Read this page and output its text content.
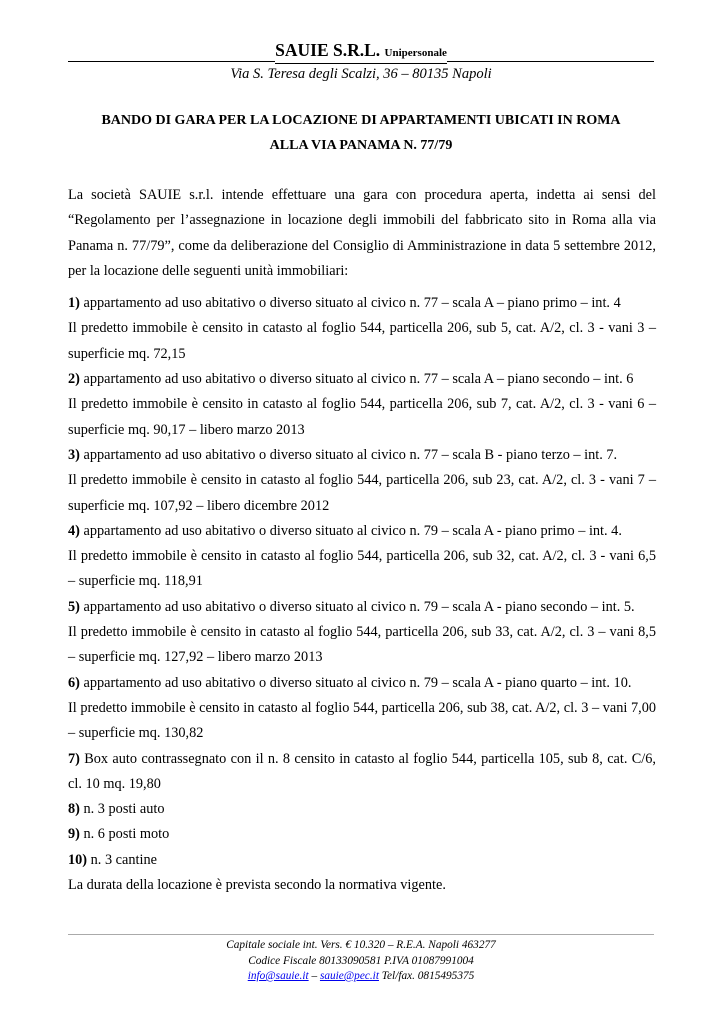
SAUIE S.R.L. Unipersonale
Via S. Teresa degli Scalzi, 36 – 80135 Napoli
BANDO DI GARA PER LA LOCAZIONE DI APPARTAMENTI UBICATI IN ROMA
ALLA VIA PANAMA N. 77/79

La società SAUIE s.r.l. intende effettuare una gara con procedura aperta, indetta ai sensi del “Regolamento per l’assegnazione in locazione degli immobili del fabbricato sito in Roma alla via Panama n. 77/79”, come da deliberazione del Consiglio di Amministrazione in data 5 settembre 2012, per la locazione delle seguenti unità immobiliari:

1) appartamento ad uso abitativo o diverso situato al civico n. 77 – scala A – piano primo – int. 4

Il predetto immobile è censito in catasto al foglio 544, particella 206, sub 5, cat. A/2, cl. 3 - vani 3 – superficie mq. 72,15

2) appartamento ad uso abitativo o diverso situato al civico n. 77 – scala A – piano secondo – int. 6

Il predetto immobile è censito in catasto al foglio 544, particella 206, sub 7, cat. A/2, cl. 3 - vani 6 – superficie mq. 90,17 – libero marzo 2013

3) appartamento ad uso abitativo o diverso situato al civico n. 77 – scala B - piano terzo – int. 7.

Il predetto immobile è censito in catasto al foglio 544, particella 206, sub 23, cat. A/2, cl. 3 - vani 7 – superficie mq. 107,92 – libero dicembre 2012

4) appartamento ad uso abitativo o diverso situato al civico n. 79 – scala A - piano primo – int. 4.

Il predetto immobile è censito in catasto al foglio 544, particella 206, sub 32, cat. A/2, cl. 3 - vani 6,5 – superficie mq. 118,91

5) appartamento ad uso abitativo o diverso situato al civico n. 79 – scala A - piano secondo – int. 5.

Il predetto immobile è censito in catasto al foglio 544, particella 206, sub 33, cat. A/2, cl. 3 – vani 8,5 – superficie mq. 127,92 – libero marzo 2013

6) appartamento ad uso abitativo o diverso situato al civico n. 79 – scala A - piano quarto – int. 10.

Il predetto immobile è censito in catasto al foglio 544, particella 206, sub 38, cat. A/2, cl. 3 – vani 7,00 – superficie mq. 130,82

7) Box auto contrassegnato con il n. 8 censito in catasto al foglio 544, particella 105, sub 8, cat. C/6, cl. 10 mq. 19,80

8) n. 3 posti auto

9) n. 6 posti moto

10) n. 3 cantine

La durata della locazione è prevista secondo la normativa vigente.

Capitale sociale int. Vers. € 10.320 – R.E.A. Napoli 463277
Codice Fiscale 80133090581 P.IVA 01087991004
info@sauie.it – sauie@pec.it Tel/fax. 0815495375
